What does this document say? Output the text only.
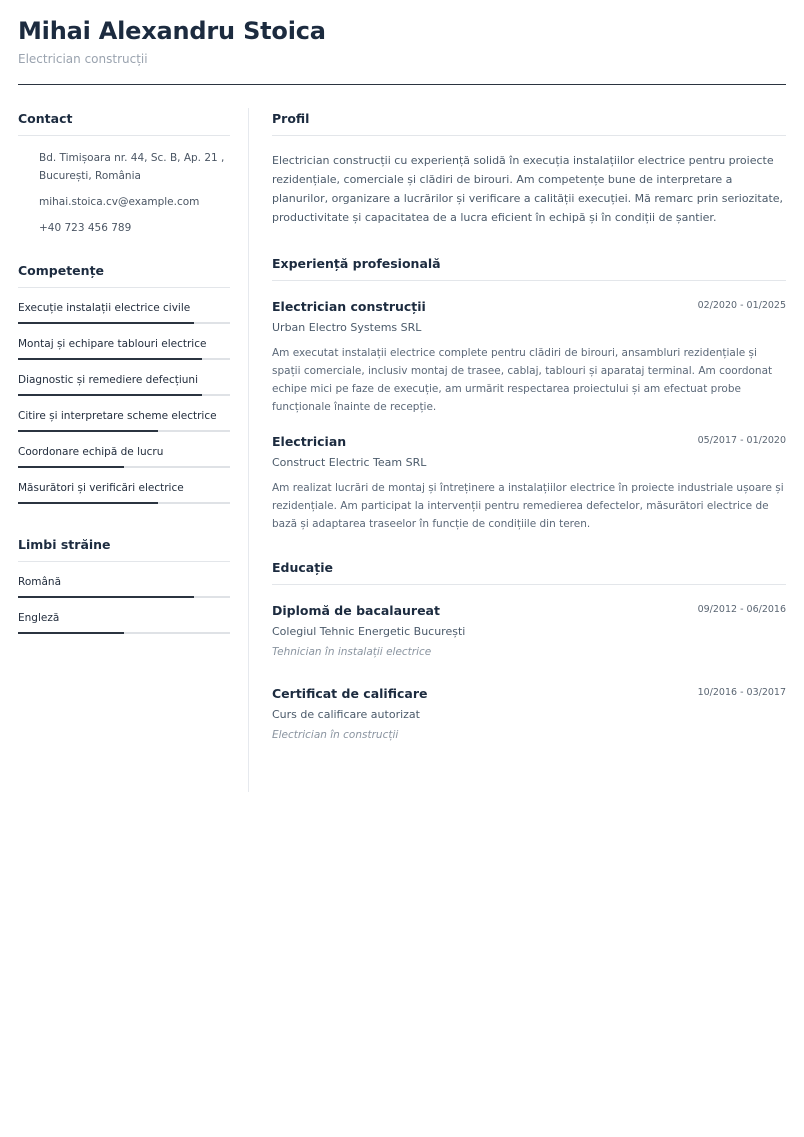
Mihai Alexandru Stoica
Electrician construcții
Contact
Bd. Timișoara nr. 44, Sc. B, Ap. 21 ,
București, România
mihai.stoica.cv@example.com
+40 723 456 789
Competențe
Execuție instalații electrice civile
Montaj și echipare tablouri electrice
Diagnostic și remediere defecțiuni
Citire și interpretare scheme electrice
Coordonare echipă de lucru
Măsurători și verificări electrice
Limbi străine
Română
Engleză
Profil
Electrician construcții cu experiență solidă în execuția instalațiilor electrice pentru proiecte rezidențiale, comerciale și clădiri de birouri. Am competențe bune de interpretare a planurilor, organizare a lucrărilor și verificare a calității execuției. Mă remarc prin seriozitate, productivitate și capacitatea de a lucra eficient în echipă și în condiții de șantier.
Experiență profesională
Electrician construcții	02/2020 - 01/2025
Urban Electro Systems SRL
Am executat instalații electrice complete pentru clădiri de birouri, ansambluri rezidențiale și spații comerciale, inclusiv montaj de trasee, cablaj, tablouri și aparataj terminal. Am coordonat echipe mici pe faze de execuție, am urmărit respectarea proiectului și am efectuat probe funcționale înainte de recepție.
Electrician	05/2017 - 01/2020
Construct Electric Team SRL
Am realizat lucrări de montaj și întreținere a instalațiilor electrice în proiecte industriale ușoare și rezidențiale. Am participat la intervenții pentru remedierea defectelor, măsurători electrice de bază și adaptarea traseelor în funcție de condițiile din teren.
Educație
Diplomă de bacalaureat	09/2012 - 06/2016
Colegiul Tehnic Energetic București
Tehnician în instalații electrice
Certificat de calificare	10/2016 - 03/2017
Curs de calificare autorizat
Electrician în construcții
